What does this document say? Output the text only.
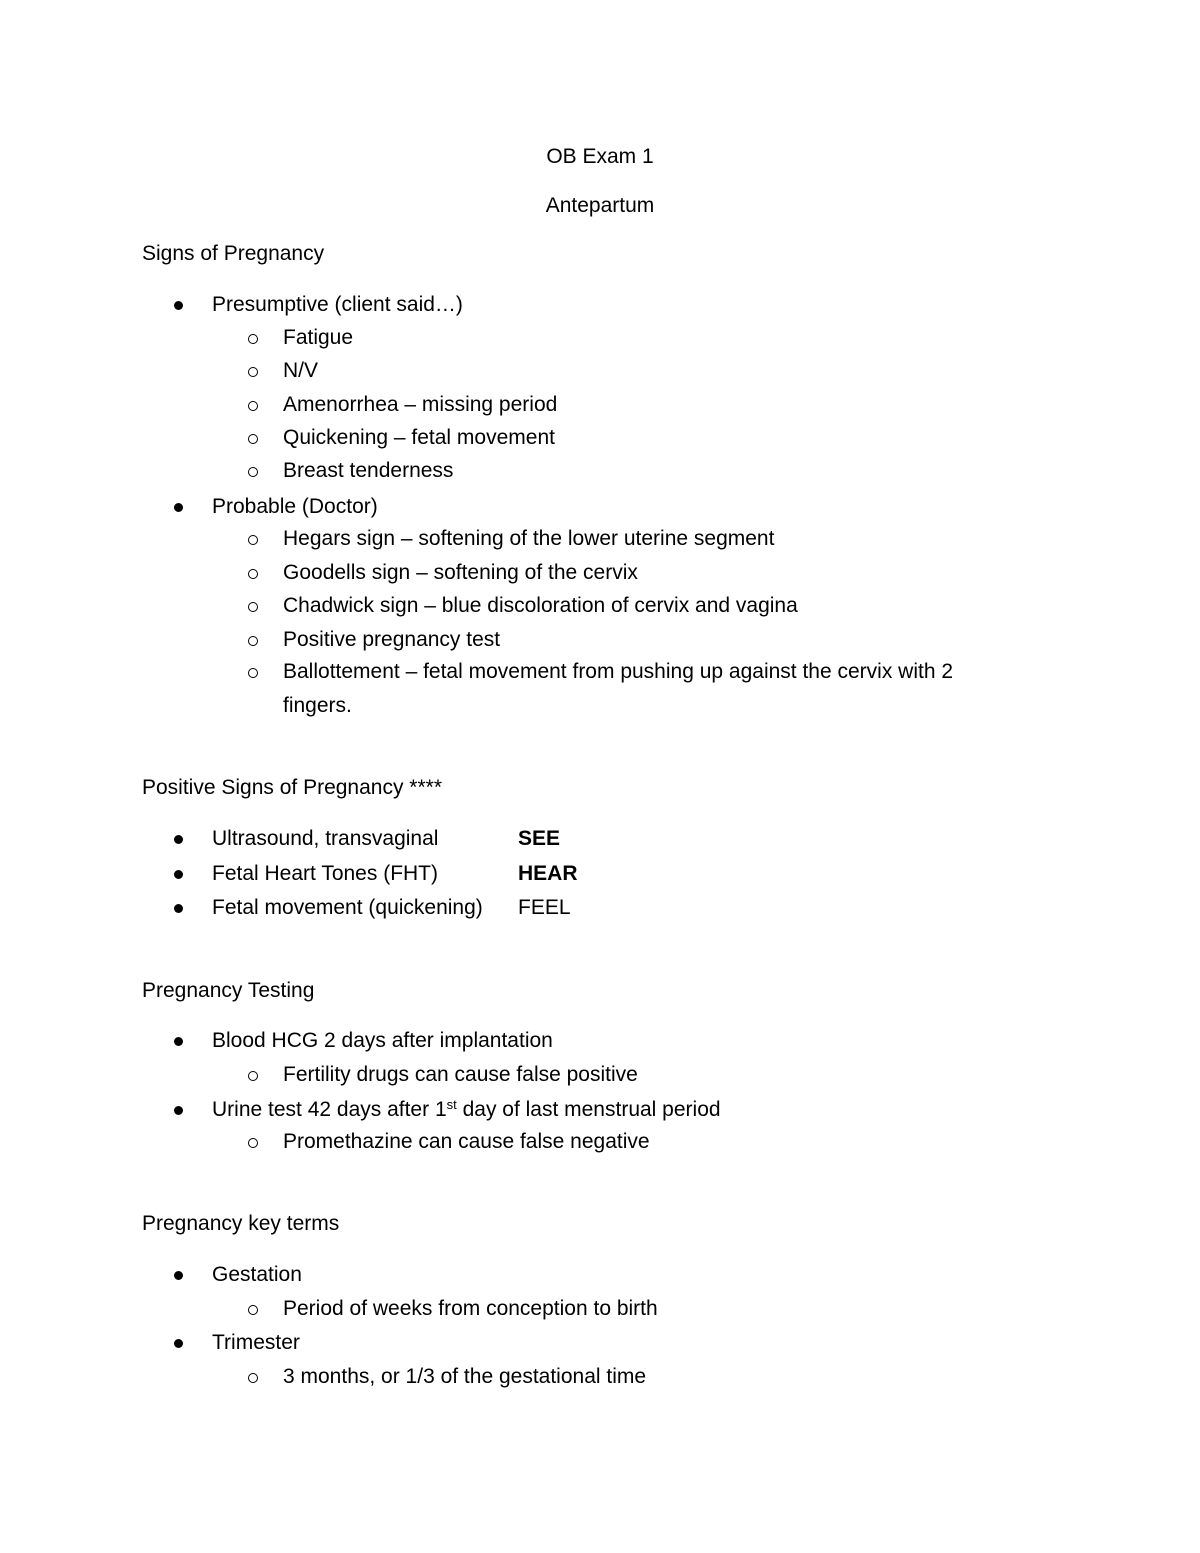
OB Exam 1
Antepartum
Signs of Pregnancy
Presumptive (client said…)
Fatigue
N/V
Amenorrhea – missing period
Quickening – fetal movement
Breast tenderness
Probable (Doctor)
Hegars sign – softening of the lower uterine segment
Goodells sign – softening of the cervix
Chadwick sign – blue discoloration of cervix and vagina
Positive pregnancy test
Ballottement – fetal movement from pushing up against the cervix with 2
fingers.
Positive Signs of Pregnancy ****
Ultrasound, transvaginal	SEE
Fetal Heart Tones (FHT)	HEAR
Fetal movement (quickening) FEEL
Pregnancy Testing
Blood HCG 2 days after implantation
Fertility drugs can cause false positive
Urine test 42 days after 1st day of last menstrual period
Promethazine can cause false negative
Pregnancy key terms
Gestation
Period of weeks from conception to birth
Trimester
3 months, or 1/3 of the gestational time
